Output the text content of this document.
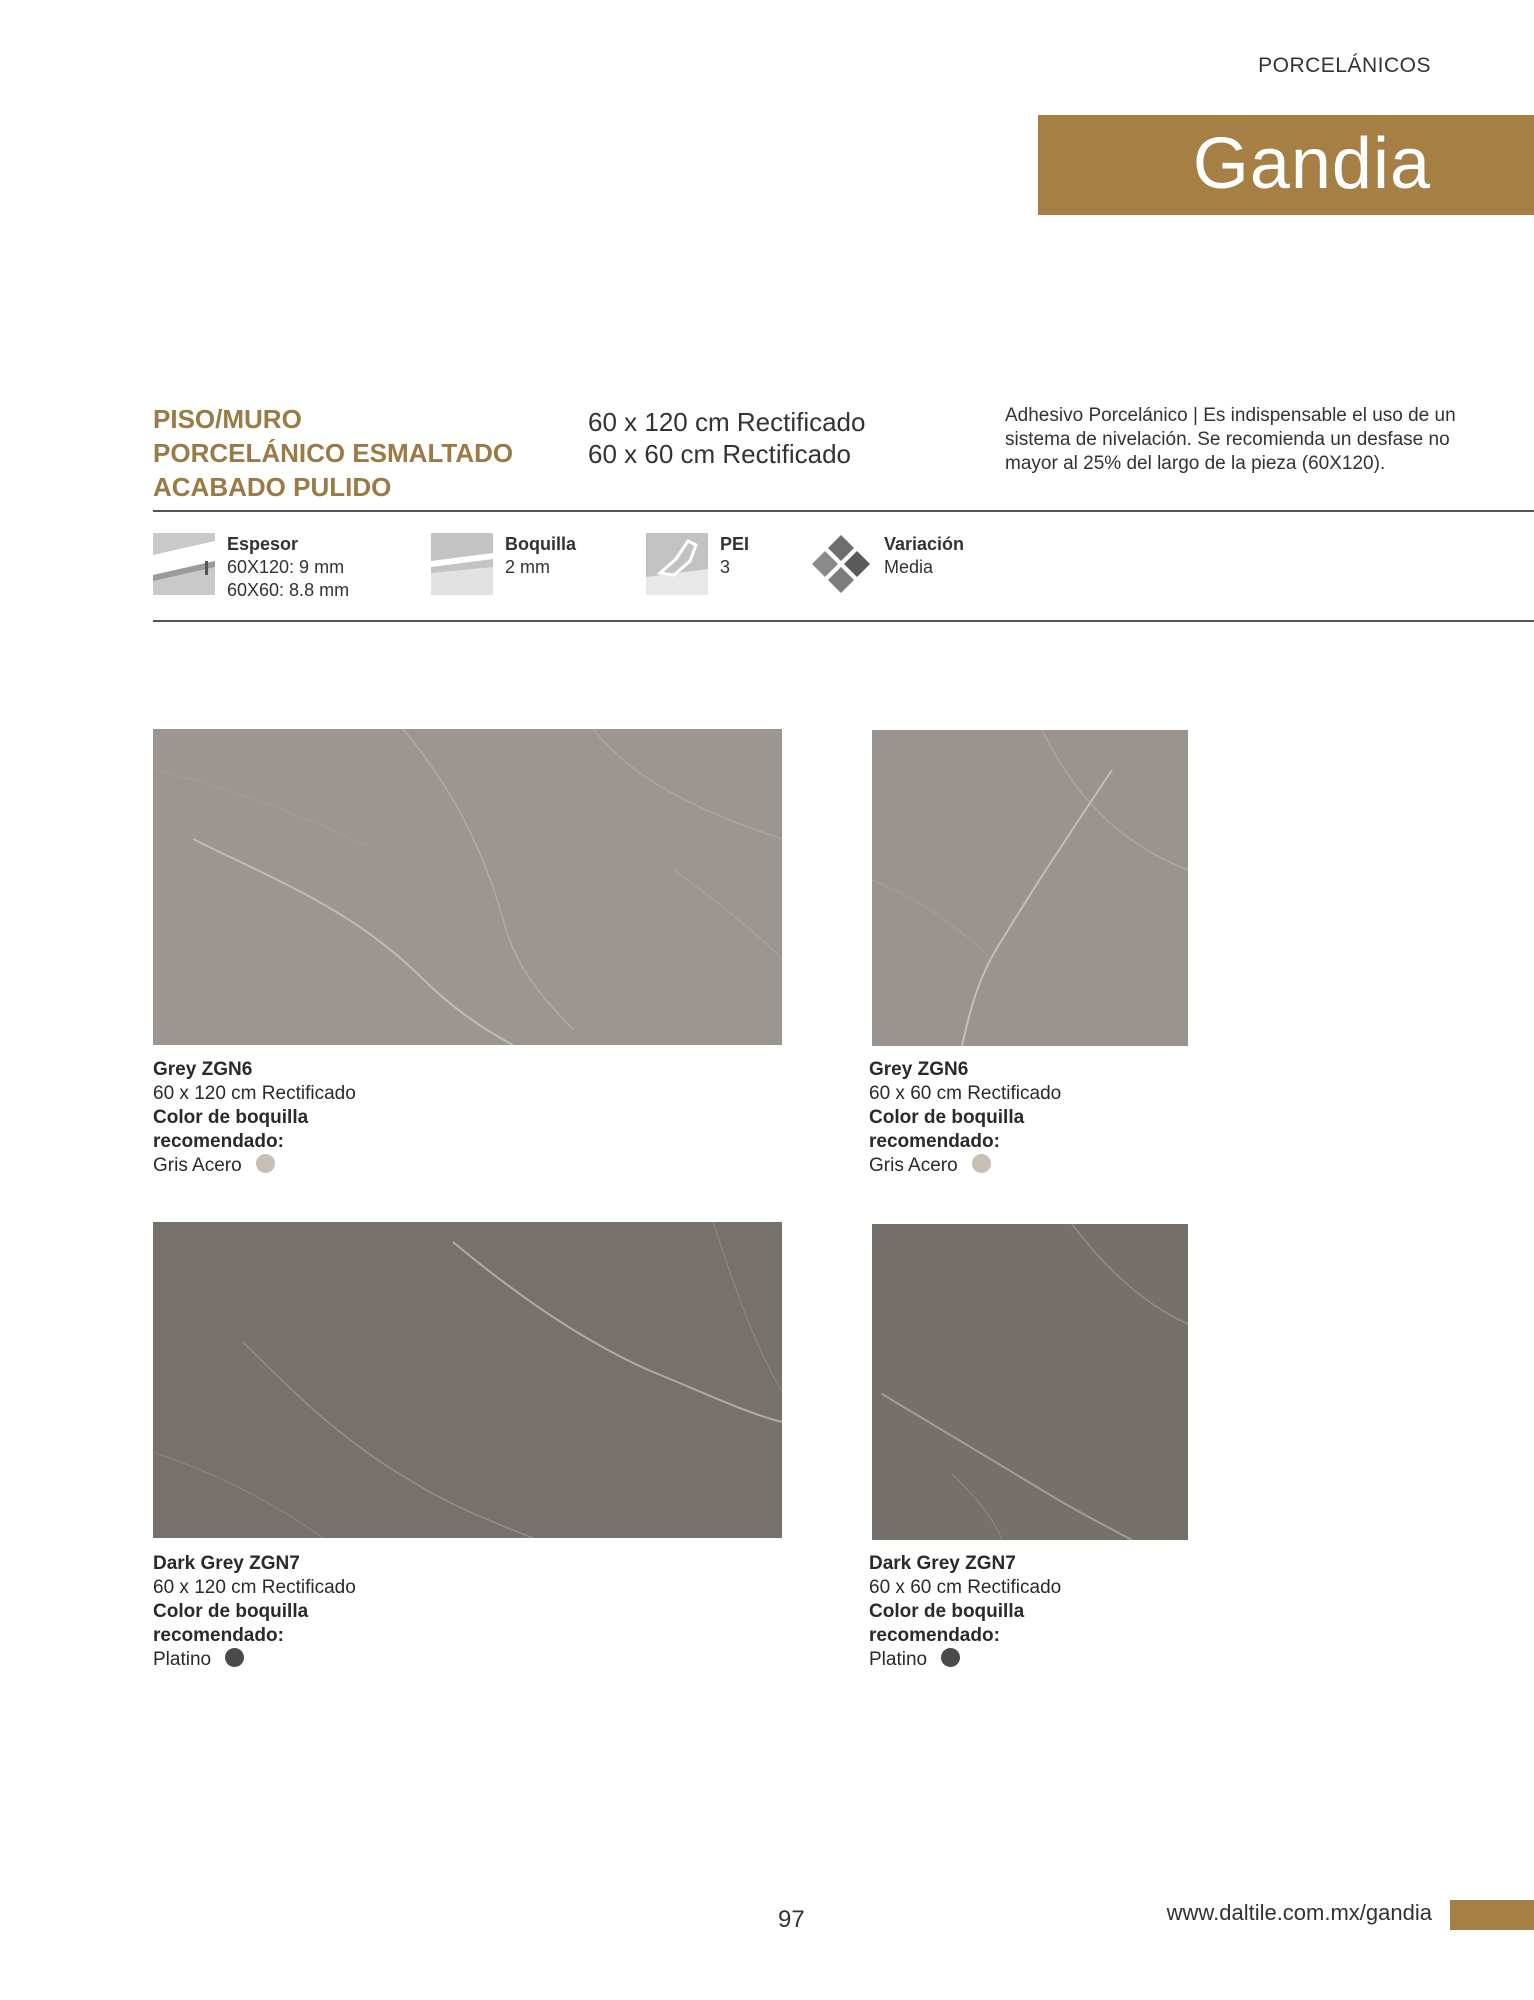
PORCELÁNICOS
Gandia
PISO/MURO
PORCELÁNICO ESMALTADO
ACABADO PULIDO
60 x 120 cm Rectificado
60 x 60 cm Rectificado
Adhesivo Porcelánico | Es indispensable el uso de un sistema de nivelación. Se recomienda un desfase no mayor al 25% del largo de la pieza (60X120).
Espesor
60X120: 9 mm
60X60: 8.8 mm
Boquilla
2 mm
PEI
3
Variación
Media
Grey ZGN6
60 x 120 cm Rectificado
Color de boquilla
recomendado:
Gris Acero
Grey ZGN6
60 x 60 cm Rectificado
Color de boquilla
recomendado:
Gris Acero
Dark Grey ZGN7
60 x 120 cm Rectificado
Color de boquilla
recomendado:
Platino
Dark Grey ZGN7
60 x 60 cm Rectificado
Color de boquilla
recomendado:
Platino
97	www.daltile.com.mx/gandia
